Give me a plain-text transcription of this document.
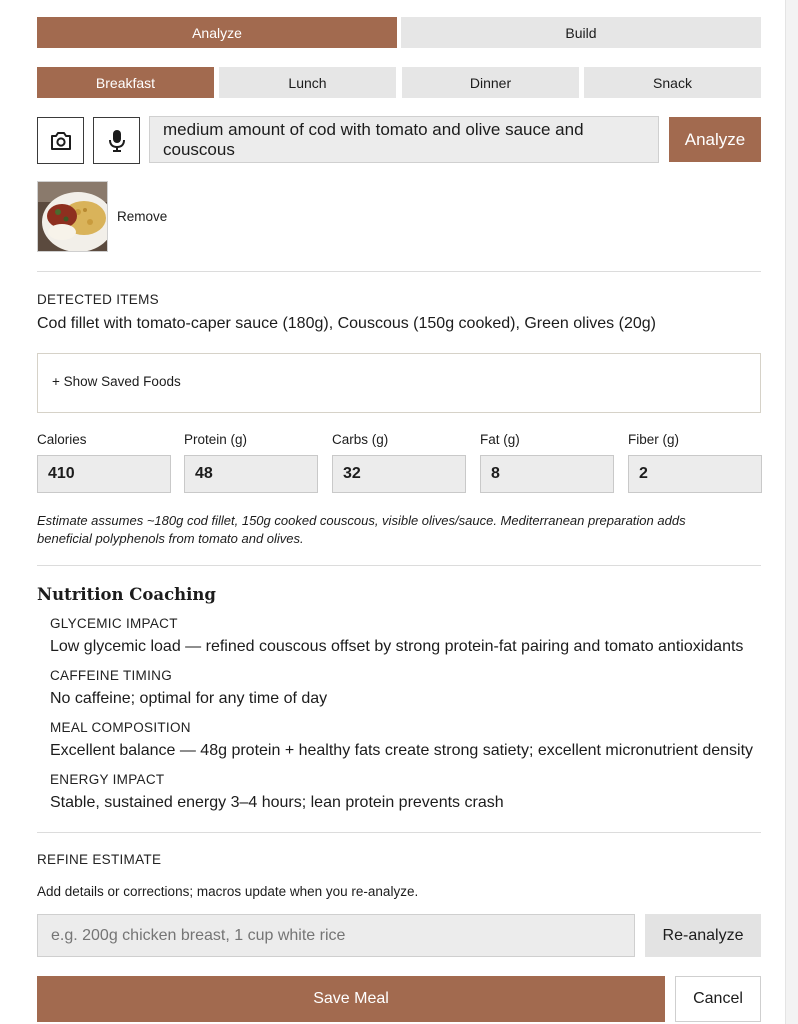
Analyze	Build
Breakfast	Lunch	Dinner	Snack
medium amount of cod with tomato and olive sauce and couscous
Analyze
Remove
DETECTED ITEMS
Cod fillet with tomato-caper sauce (180g), Couscous (150g cooked), Green olives (20g)
+ Show Saved Foods
Calories	Protein (g)	Carbs (g)	Fat (g)	Fiber (g)
410	48	32	8	2
Estimate assumes ~180g cod fillet, 150g cooked couscous, visible olives/sauce. Mediterranean preparation adds
beneficial polyphenols from tomato and olives.
Nutrition Coaching
GLYCEMIC IMPACT
Low glycemic load — refined couscous offset by strong protein-fat pairing and tomato antioxidants
CAFFEINE TIMING
No caffeine; optimal for any time of day
MEAL COMPOSITION
Excellent balance — 48g protein + healthy fats create strong satiety; excellent micronutrient density
ENERGY IMPACT
Stable, sustained energy 3–4 hours; lean protein prevents crash
REFINE ESTIMATE
Add details or corrections; macros update when you re-analyze.
e.g. 200g chicken breast, 1 cup white rice
Re-analyze
Save Meal	Cancel
